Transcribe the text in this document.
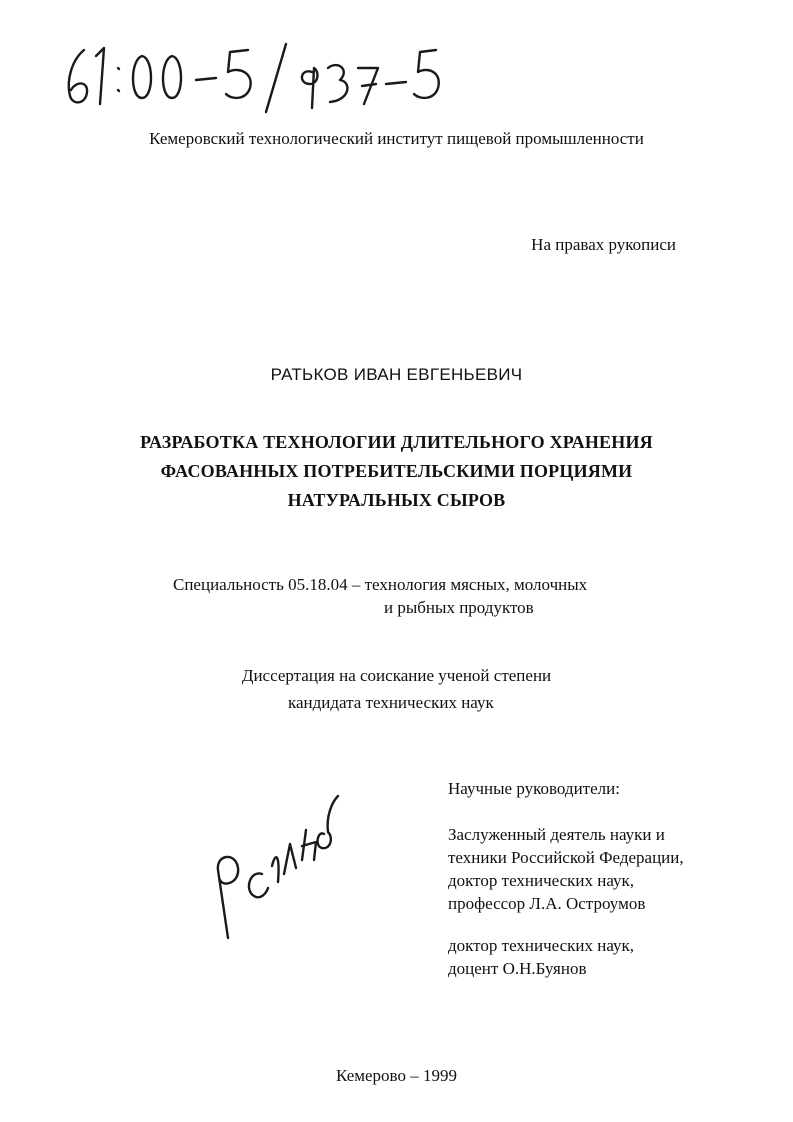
Кемеровский технологический институт пищевой промышленности
На правах рукописи
РАТЬКОВ ИВАН ЕВГЕНЬЕВИЧ
РАЗРАБОТКА ТЕХНОЛОГИИ ДЛИТЕЛЬНОГО ХРАНЕНИЯ
ФАСОВАННЫХ ПОТРЕБИТЕЛЬСКИМИ ПОРЦИЯМИ
НАТУРАЛЬНЫХ СЫРОВ
Специальность 05.18.04 – технология мясных, молочных
и рыбных продуктов
Диссертация на соискание ученой степени
кандидата технических наук
Научные руководители:
Заслуженный деятель науки и
техники Российской Федерации,
доктор технических наук,
профессор Л.А. Остроумов
доктор технических наук,
доцент О.Н.Буянов
Кемерово – 1999
